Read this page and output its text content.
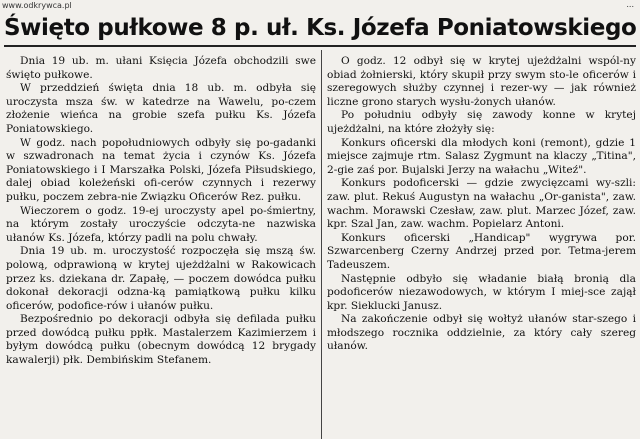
www.odkrywca.pl	...
Święto pułkowe 8 p. uł. Ks. Józefa Poniatowskiego

Dnia 19 ub. m. ułani Księcia Józefa obchodzili swe święto pułkowe.

W przeddzień święta dnia 18 ub. m. odbyła się uroczysta msza św. w katedrze na Wawelu, po-czem złożenie wieńca na grobie szefa pułku Ks. Józefa Poniatowskiego.

W godz. nach popołudniowych odbyły się po-gadanki w szwadronach na temat życia i czynów Ks. Józefa Poniatowskiego i I Marszałka Polski, Józefa Piłsudskiego, dalej obiad koleżeński ofi-cerów czynnych i rezerwy pułku, poczem zebra-nie Związku Oficerów Rez. pułku.

Wieczorem o godz. 19-ej uroczysty apel po-śmiertny, na którym zostały uroczyście odczyta-ne nazwiska ułanów Ks. Józefa, którzy padli na polu chwały.

Dnia 19 ub. m. uroczystość rozpoczęła się mszą św. polową, odprawioną w krytej ujeżdżalni w Rakowicach przez ks. dziekana dr. Zapałę, — poczem dowódca pułku dokonał dekoracji odzna-ką pamiątkową pułku kilku oficerów, podofice-rów i ułanów pułku.

Bezpośrednio po dekoracji odbyła się defilada pułku przed dowódcą pułku ppłk. Mastalerzem Kazimierzem i byłym dowódcą pułku (obecnym dowódcą 12 brygady kawalerji) płk. Dembińskim Stefanem.

O godz. 12 odbył się w krytej ujeżdżalni wspól-ny obiad żołnierski, który skupił przy swym sto-le oficerów i szeregowych służby czynnej i rezer-wy — jak również liczne grono starych wysłu-żonych ułanów.

Po południu odbyły się zawody konne w krytej ujeżdżalni, na które złożyły się:

Konkurs oficerski dla młodych koni (remont), gdzie 1 miejsce zajmuje rtm. Salasz Zygmunt na klaczy „Titina", 2-gie zaś por. Bujalski Jerzy na wałachu „Witeź".

Konkurs podoficerski — gdzie zwycięzcami wy-szli: zaw. plut. Rekuś Augustyn na wałachu „Or-ganista", zaw. wachm. Morawski Czesław, zaw. plut. Marzec Józef, zaw. kpr. Szal Jan, zaw. wachm. Popielarz Antoni.

Konkurs oficerski „Handicap" wygrywa por. Szwarcenberg Czerny Andrzej przed por. Tetma-jerem Tadeuszem.

Następnie odbyło się władanie białą bronią dla podoficerów niezawodowych, w którym I miej-sce zajął kpr. Sieklucki Janusz.

Na zakończenie odbył się wołtyż ułanów star-szego i młodszego rocznika oddzielnie, za który cały szereg ułanów.
